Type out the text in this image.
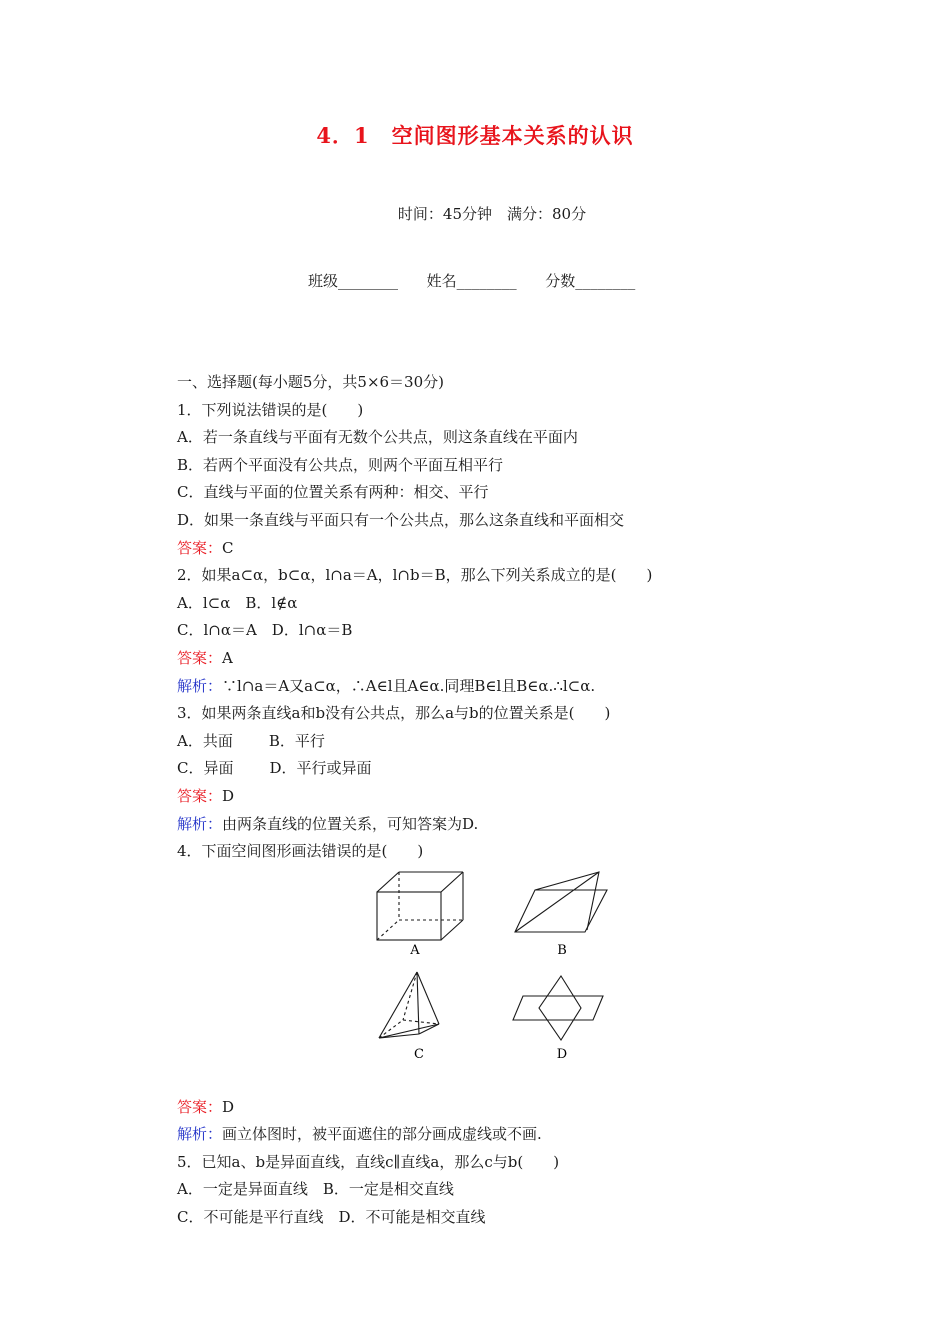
4．1　空间图形基本关系的认识
时间：45分钟　满分：80分
班级________ 姓名________ 分数________
一、选择题(每小题5分，共5×6＝30分)
1．下列说法错误的是(　　)
A．若一条直线与平面有无数个公共点，则这条直线在平面内
B．若两个平面没有公共点，则两个平面互相平行
C．直线与平面的位置关系有两种：相交、平行
D．如果一条直线与平面只有一个公共点，那么这条直线和平面相交
答案：C
2．如果a⊂α，b⊂α，l∩a＝A，l∩b＝B，那么下列关系成立的是(　　)
A．l⊂α　B．l∉α
C．l∩α＝A　D．l∩α＝B
答案：A
解析：∵l∩a＝A又a⊂α，∴A∈l且A∈α.同理B∈l且B∈α.∴l⊂α.
3．如果两条直线a和b没有公共点，那么a与b的位置关系是(　　)
A．共面 B．平行
C．异面 D．平行或异面
答案：D
解析：由两条直线的位置关系，可知答案为D.
4．下面空间图形画法错误的是(　　)
A	B
C	D
答案：D
解析：画立体图时，被平面遮住的部分画成虚线或不画.
5．已知a、b是异面直线，直线c∥直线a，那么c与b(　　)
A．一定是异面直线　B．一定是相交直线
C．不可能是平行直线　D．不可能是相交直线
